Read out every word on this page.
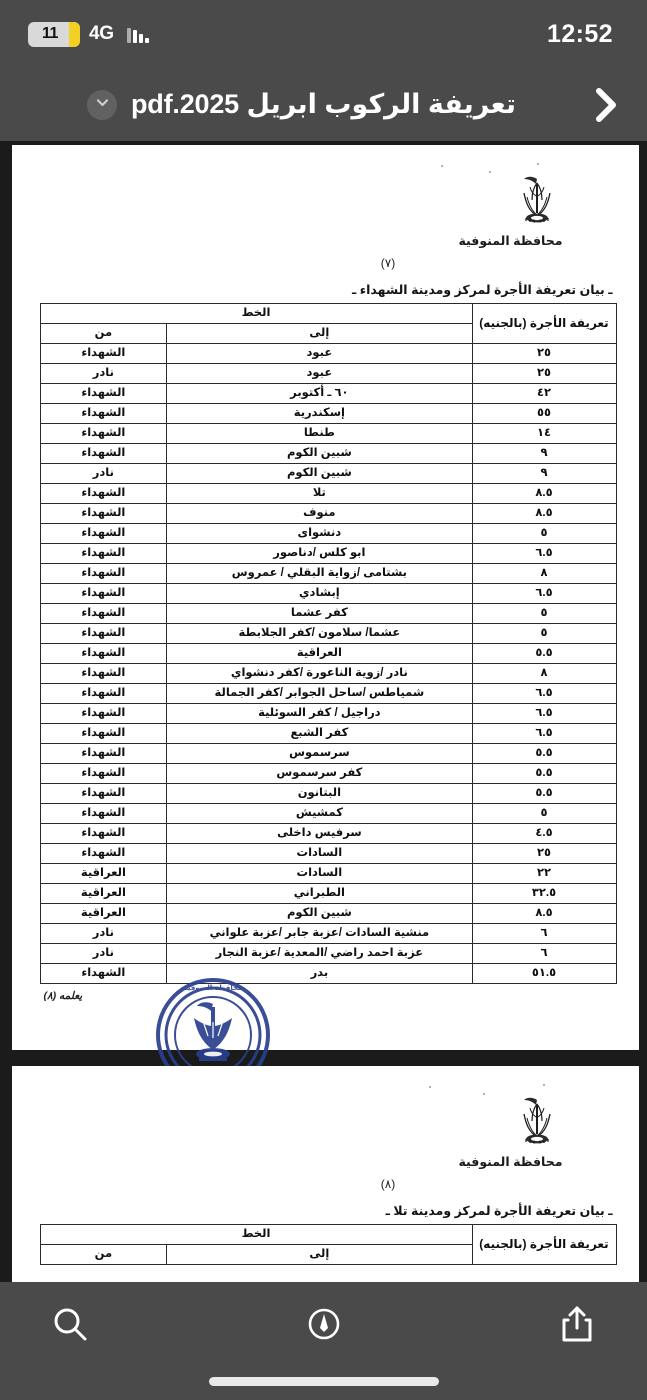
11	4G	12:52
تعريفة الركوب ابريل pdf.2025
محافظة المنوفية
(٧)
ـ بيان تعريفة الأجرة لمركز ومدينة الشهداء ـ
تعريفة الأجرة (بالجنيه)	الخط	
	إلى	من
٢٥	عبود	الشهداء
٢٥	عبود	نادر
٤٢	٦٠ ـ أكتوبر	الشهداء
٥٥	إسكندرية	الشهداء
١٤	طنطا	الشهداء
٩	شبين الكوم	الشهداء
٩	شبين الكوم	نادر
٨.٥	تلا	الشهداء
٨.٥	منوف	الشهداء
٥	دنشواى	الشهداء
٦.٥	ابو كلس /دناصور	الشهداء
٨	بشتامى /زواية البقلي / عمروس	الشهداء
٦.٥	إبشادي	الشهداء
٥	كفر عشما	الشهداء
٥	عشما/ سلامون /كفر الجلابطة	الشهداء
٥.٥	العراقية	الشهداء
٨	نادر /زوية الناعورة /كفر دنشواي	الشهداء
٦.٥	شمياطس /ساحل الجوابر /كفر الجمالة	الشهداء
٦.٥	دراجيل / كفر السوئلية	الشهداء
٦.٥	كفر الشبع	الشهداء
٥.٥	سرسموس	الشهداء
٥.٥	كفر سرسموس	الشهداء
٥.٥	البتانون	الشهداء
٥	كمشيش	الشهداء
٤.٥	سرفيس داخلى	الشهداء
٢٥	السادات	الشهداء
٢٢	السادات	العراقية
٣٢.٥	الطبراني	العراقية
٨.٥	شبين الكوم	العراقية
٦	منشية السادات /عزبة جابر /عزبة علواني	نادر
٦	عزبة احمد راضي /المعدية /عزبة النجار	نادر
٥١.٥	بدر	الشهداء
يعلمه (٨)
محافظة المنوفية
محافظة المنوفية
(٨)
ـ بيان تعريفة الأجرة لمركز ومدينة تلا ـ
تعريفة الأجرة (بالجنيه)	الخط	
	إلى	من
